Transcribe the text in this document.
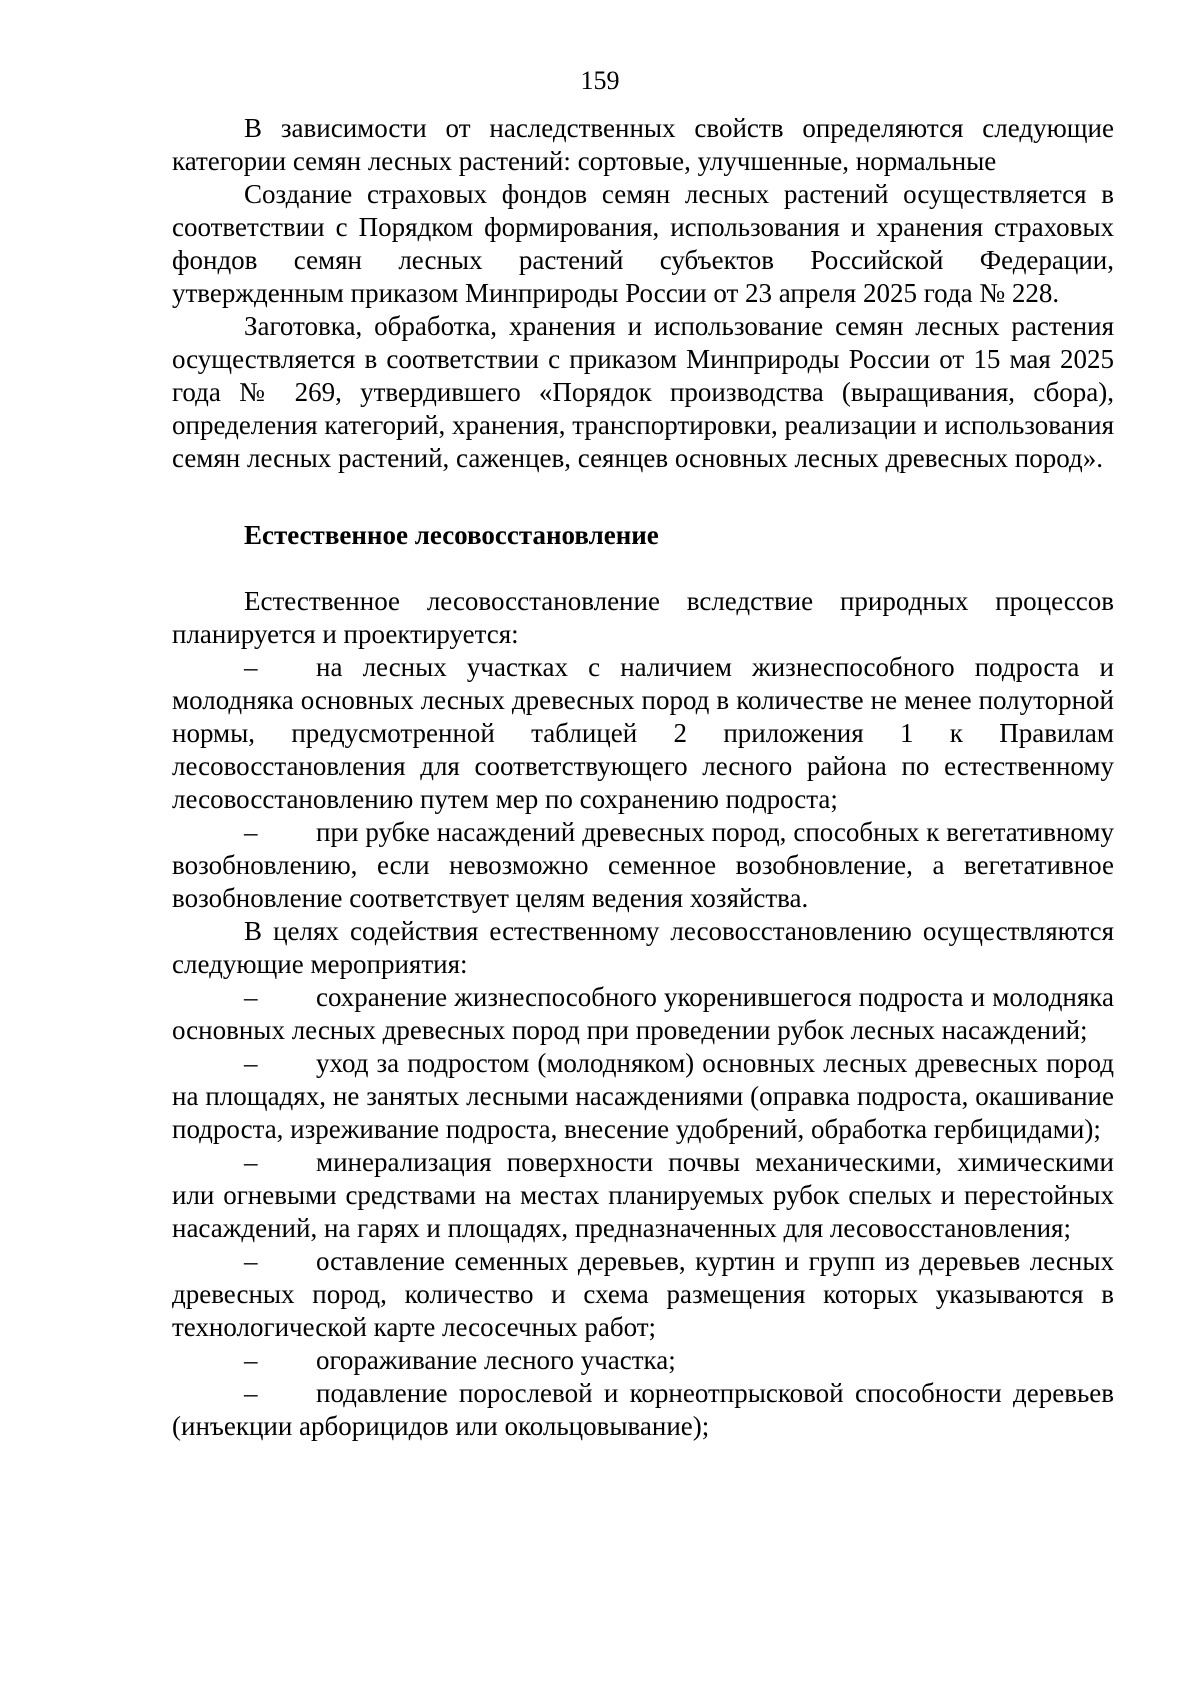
159

В зависимости от наследственных свойств определяются следующие категории семян лесных растений: сортовые, улучшенные, нормальные

Создание страховых фондов семян лесных растений осуществляется в соответствии с Порядком формирования, использования и хранения страховых фондов семян лесных растений субъектов Российской Федерации, утвержденным приказом Минприроды России от 23 апреля 2025 года № 228.

Заготовка, обработка, хранения и использование семян лесных растения осуществляется в соответствии с приказом Минприроды России от 15 мая 2025 года № 269, утвердившего «Порядок производства (выращивания, сбора), определения категорий, хранения, транспортировки, реализации и использования семян лесных растений, саженцев, сеянцев основных лесных древесных пород».

Естественное лесовосстановление

Естественное лесовосстановление вследствие природных процессов планируется и проектируется:

– на лесных участках с наличием жизнеспособного подроста и молодняка основных лесных древесных пород в количестве не менее полуторной нормы, предусмотренной таблицей 2 приложения 1 к Правилам лесовосстановления для соответствующего лесного района по естественному лесовосстановлению путем мер по сохранению подроста;

– при рубке насаждений древесных пород, способных к вегетативному возобновлению, если невозможно семенное возобновление, а вегетативное возобновление соответствует целям ведения хозяйства.

В целях содействия естественному лесовосстановлению осуществляются следующие мероприятия:

– сохранение жизнеспособного укоренившегося подроста и молодняка основных лесных древесных пород при проведении рубок лесных насаждений;

– уход за подростом (молодняком) основных лесных древесных пород на площадях, не занятых лесными насаждениями (оправка подроста, окашивание подроста, изреживание подроста, внесение удобрений, обработка гербицидами);

– минерализация поверхности почвы механическими, химическими или огневыми средствами на местах планируемых рубок спелых и перестойных насаждений, на гарях и площадях, предназначенных для лесовосстановления;

– оставление семенных деревьев, куртин и групп из деревьев лесных древесных пород, количество и схема размещения которых указываются в технологической карте лесосечных работ;

– огораживание лесного участка;

– подавление порослевой и корнеотпрысковой способности деревьев (инъекции арборицидов или окольцовывание);
